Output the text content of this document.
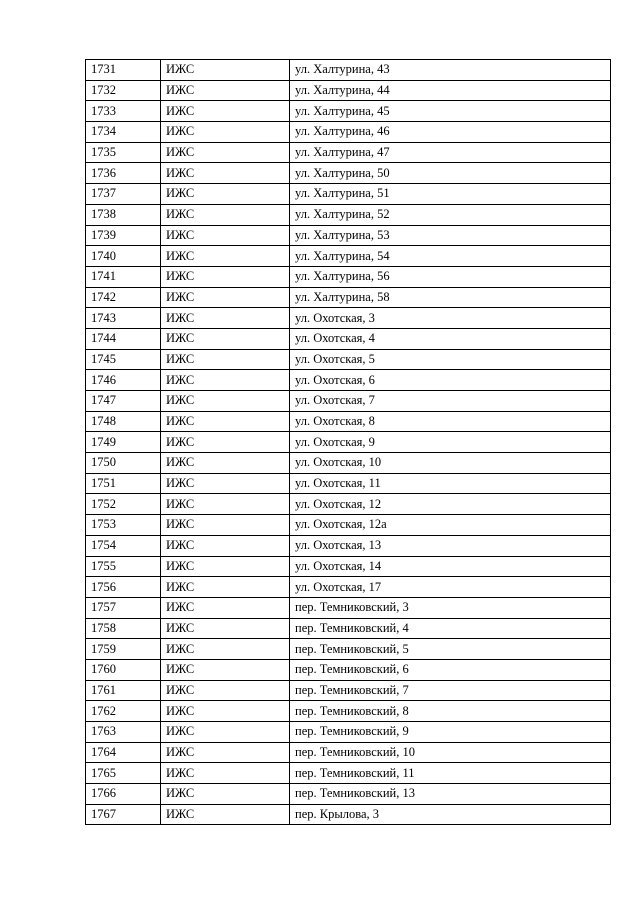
1731	ИЖС	ул. Халтурина, 43
1732	ИЖС	ул. Халтурина, 44
1733	ИЖС	ул. Халтурина, 45
1734	ИЖС	ул. Халтурина, 46
1735	ИЖС	ул. Халтурина, 47
1736	ИЖС	ул. Халтурина, 50
1737	ИЖС	ул. Халтурина, 51
1738	ИЖС	ул. Халтурина, 52
1739	ИЖС	ул. Халтурина, 53
1740	ИЖС	ул. Халтурина, 54
1741	ИЖС	ул. Халтурина, 56
1742	ИЖС	ул. Халтурина, 58
1743	ИЖС	ул. Охотская, 3
1744	ИЖС	ул. Охотская, 4
1745	ИЖС	ул. Охотская, 5
1746	ИЖС	ул. Охотская, 6
1747	ИЖС	ул. Охотская, 7
1748	ИЖС	ул. Охотская, 8
1749	ИЖС	ул. Охотская, 9
1750	ИЖС	ул. Охотская, 10
1751	ИЖС	ул. Охотская, 11
1752	ИЖС	ул. Охотская, 12
1753	ИЖС	ул. Охотская, 12а
1754	ИЖС	ул. Охотская, 13
1755	ИЖС	ул. Охотская, 14
1756	ИЖС	ул. Охотская, 17
1757	ИЖС	пер. Темниковский, 3
1758	ИЖС	пер. Темниковский, 4
1759	ИЖС	пер. Темниковский, 5
1760	ИЖС	пер. Темниковский, 6
1761	ИЖС	пер. Темниковский, 7
1762	ИЖС	пер. Темниковский, 8
1763	ИЖС	пер. Темниковский, 9
1764	ИЖС	пер. Темниковский, 10
1765	ИЖС	пер. Темниковский, 11
1766	ИЖС	пер. Темниковский, 13
1767	ИЖС	пер. Крылова, 3
